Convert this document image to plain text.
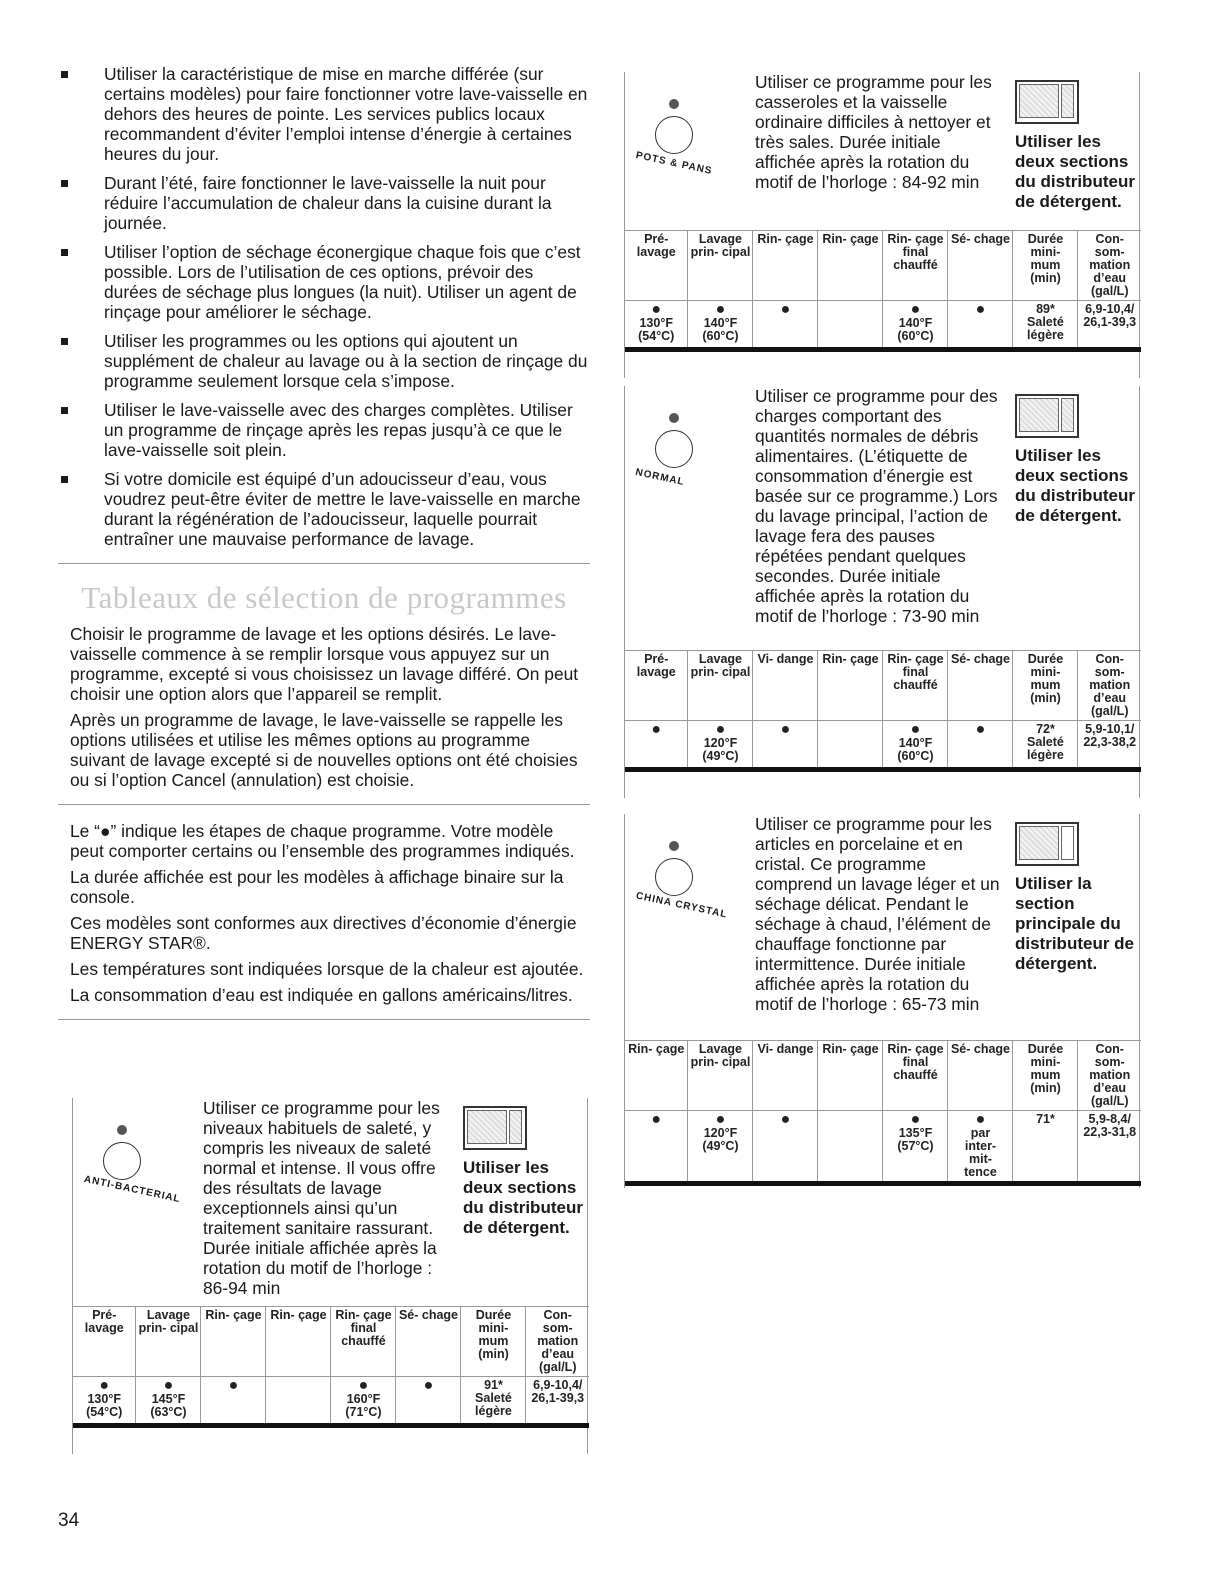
Utiliser la caractéristique de mise en marche différée (sur certains modèles) pour faire fonctionner votre lave-vaisselle en dehors des heures de pointe. Les services publics locaux recommandent d’éviter l’emploi intense d’énergie à certaines heures du jour.
Durant l’été, faire fonctionner le lave-vaisselle la nuit pour réduire l’accumulation de chaleur dans la cuisine durant la journée.
Utiliser l’option de séchage éconergique chaque fois que c’est possible. Lors de l’utilisation de ces options, prévoir des durées de séchage plus longues (la nuit). Utiliser un agent de rinçage pour améliorer le séchage.
Utiliser les programmes ou les options qui ajoutent un supplément de chaleur au lavage ou à la section de rinçage du programme seulement lorsque cela s’impose.
Utiliser le lave-vaisselle avec des charges complètes. Utiliser un programme de rinçage après les repas jusqu’à ce que le lave-vaisselle soit plein.
Si votre domicile est équipé d’un adoucisseur d’eau, vous voudrez peut-être éviter de mettre le lave-vaisselle en marche durant la régénération de l’adoucisseur, laquelle pourrait entraîner une mauvaise performance de lavage.
Tableaux de sélection de programmes

Choisir le programme de lavage et les options désirés. Le lave-vaisselle commence à se remplir lorsque vous appuyez sur un programme, excepté si vous choisissez un lavage différé. On peut choisir une option alors que l’appareil se remplit.

Après un programme de lavage, le lave-vaisselle se rappelle les options utilisées et utilise les mêmes options au programme suivant de lavage excepté si de nouvelles options ont été choisies ou si l’option Cancel (annulation) est choisie.

Le “●” indique les étapes de chaque programme. Votre modèle peut comporter certains ou l’ensemble des programmes indiqués.

La durée affichée est pour les modèles à affichage binaire sur la console.

Ces modèles sont conformes aux directives d’économie d’énergie ENERGY STAR®.

Les températures sont indiquées lorsque de la chaleur est ajoutée.

La consommation d’eau est indiquée en gallons américains/litres.

ANTI-BACTERIAL
Utiliser ce programme pour les niveaux habituels de saleté, y compris les niveaux de saleté normal et intense. Il vous offre des résultats de lavage exceptionnels ainsi qu’un traitement sanitaire rassurant. Durée initiale affichée après la rotation du motif de l’horloge : 86-94 min
Utiliser les deux sections du distributeur de détergent.
Pré- lavage	Lavage prin- cipal	Rin- çage	Rin- çage	Rin- çage final chauffé	Sé- chage	Durée mini- mum (min)	Con- som- mation d’eau (gal/L)

●
130°F
(54°C)	●
145°F
(63°C)	●		●
160°F
(71°C)	●	91*
Saleté
légère	6,9-10,4/
26,1-39,3

POTS & PANS
Utiliser ce programme pour les casseroles et la vaisselle ordinaire difficiles à nettoyer et très sales. Durée initiale affichée après la rotation du motif de l’horloge : 84-92 min
Utiliser les deux sections du distributeur de détergent.
Pré- lavage	Lavage prin- cipal	Rin- çage	Rin- çage	Rin- çage final chauffé	Sé- chage	Durée mini- mum (min)	Con- som- mation d’eau (gal/L)

●
130°F
(54°C)	●
140°F
(60°C)	●		●
140°F
(60°C)	●	89*
Saleté
légère	6,9-10,4/
26,1-39,3

NORMAL
Utiliser ce programme pour des charges comportant des quantités normales de débris alimentaires. (L’étiquette de consommation d’énergie est basée sur ce programme.) Lors du lavage principal, l’action de lavage fera des pauses répétées pendant quelques secondes. Durée initiale affichée après la rotation du motif de l’horloge : 73-90 min
Utiliser les deux sections du distributeur de détergent.
Pré- lavage	Lavage prin- cipal	Vi- dange	Rin- çage	Rin- çage final chauffé	Sé- chage	Durée mini- mum (min)	Con- som- mation d’eau (gal/L)

●	●
120°F
(49°C)	●		●
140°F
(60°C)	●	72*
Saleté
légère	5,9-10,1/
22,3-38,2

CHINA CRYSTAL
Utiliser ce programme pour les articles en porcelaine et en cristal. Ce programme comprend un lavage léger et un séchage délicat. Pendant le séchage à chaud, l’élément de chauffage fonctionne par intermittence. Durée initiale affichée après la rotation du motif de l’horloge : 65-73 min
Utiliser la section principale du distributeur de détergent.
Rin- çage	Lavage prin- cipal	Vi- dange	Rin- çage	Rin- çage final chauffé	Sé- chage	Durée mini- mum (min)	Con- som- mation d’eau (gal/L)

●	●
120°F
(49°C)	●		●
135°F
(57°C)	●
par
inter-
mit-
tence	71*	5,9-8,4/
22,3-31,8

34
